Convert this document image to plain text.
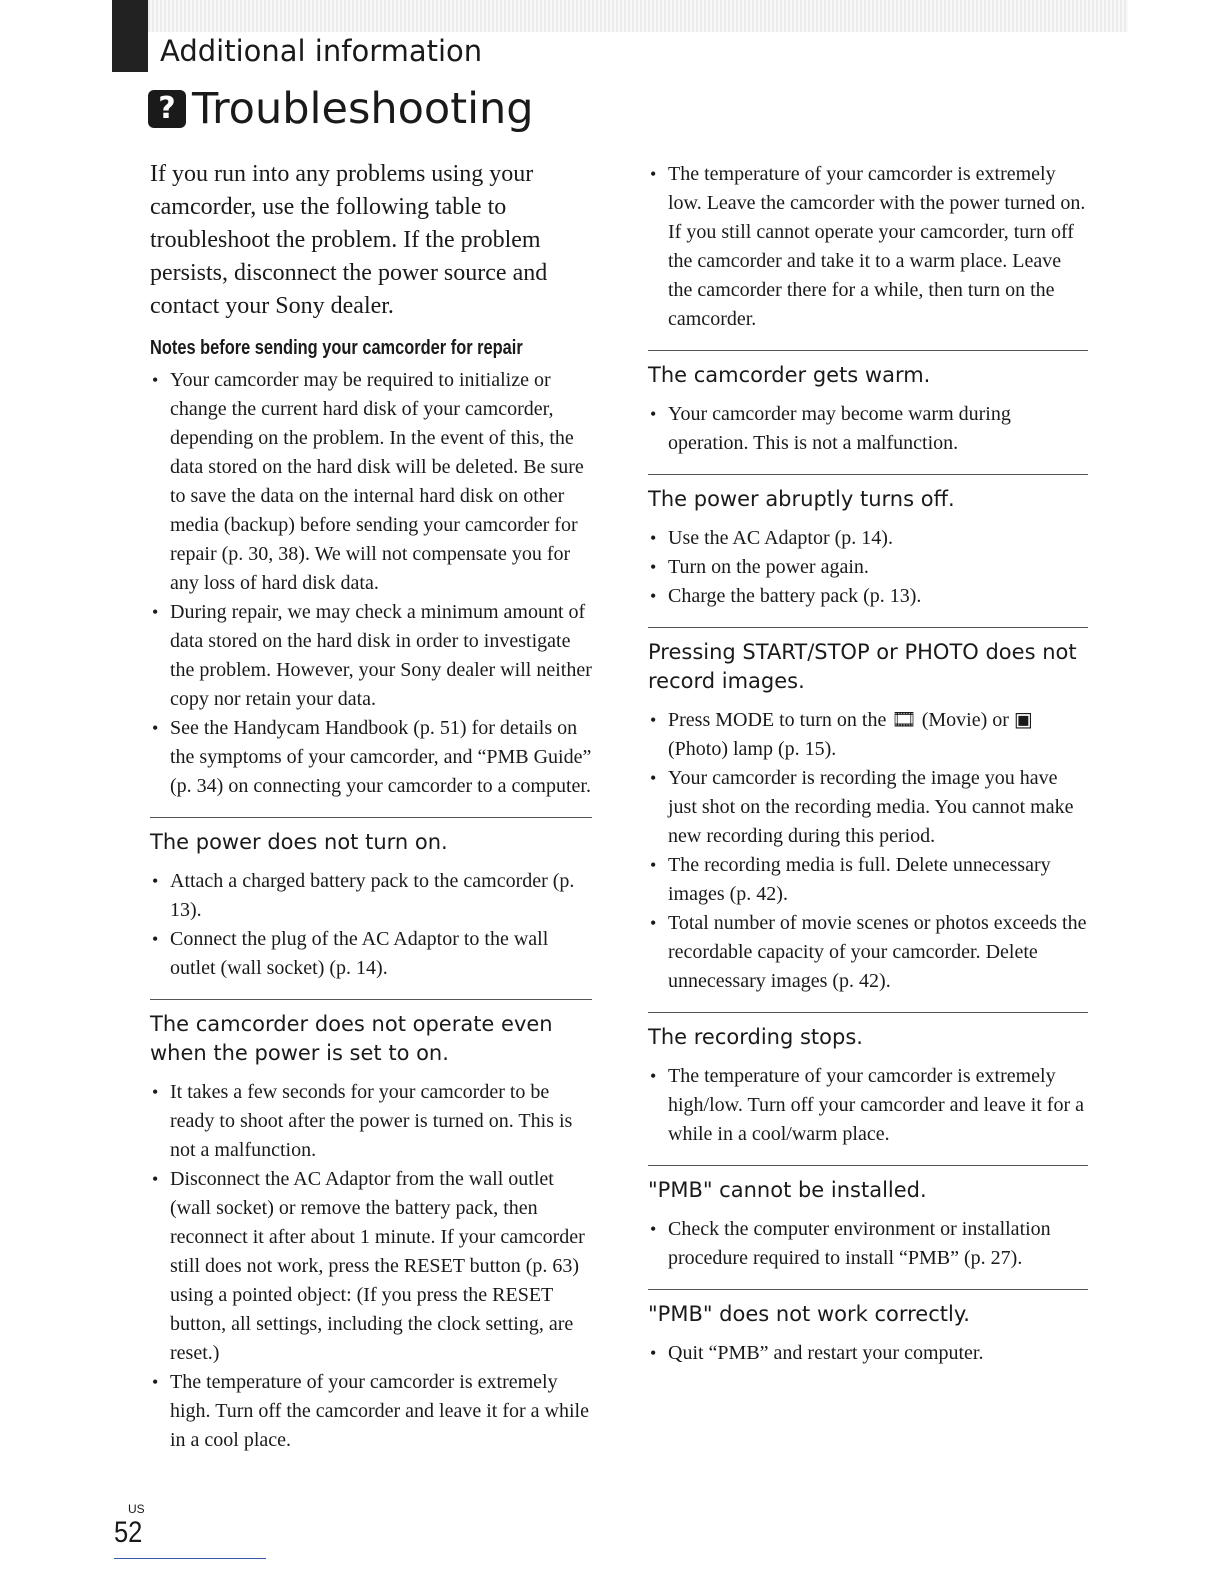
Additional information
? Troubleshooting

If you run into any problems using your camcorder, use the following table to troubleshoot the problem. If the problem persists, disconnect the power source and contact your Sony dealer.

Notes before sending your camcorder for repair
• Your camcorder may be required to initialize or change the current hard disk of your camcorder, depending on the problem. In the event of this, the data stored on the hard disk will be deleted. Be sure to save the data on the internal hard disk on other media (backup) before sending your camcorder for repair (p. 30, 38). We will not compensate you for any loss of hard disk data.
• During repair, we may check a minimum amount of data stored on the hard disk in order to investigate the problem. However, your Sony dealer will neither copy nor retain your data.
• See the Handycam Handbook (p. 51) for details on the symptoms of your camcorder, and “PMB Guide” (p. 34) on connecting your camcorder to a computer.
The power does not turn on.
• Attach a charged battery pack to the camcorder (p. 13).
• Connect the plug of the AC Adaptor to the wall outlet (wall socket) (p. 14).
The camcorder does not operate even when the power is set to on.
• It takes a few seconds for your camcorder to be ready to shoot after the power is turned on. This is not a malfunction.
• Disconnect the AC Adaptor from the wall outlet (wall socket) or remove the battery pack, then reconnect it after about 1 minute. If your camcorder still does not work, press the RESET button (p. 63) using a pointed object: (If you press the RESET button, all settings, including the clock setting, are reset.)
• The temperature of your camcorder is extremely high. Turn off the camcorder and leave it for a while in a cool place.
• The temperature of your camcorder is extremely low. Leave the camcorder with the power turned on. If you still cannot operate your camcorder, turn off the camcorder and take it to a warm place. Leave the camcorder there for a while, then turn on the camcorder.
The camcorder gets warm.
• Your camcorder may become warm during operation. This is not a malfunction.
The power abruptly turns off.
• Use the AC Adaptor (p. 14).
• Turn on the power again.
• Charge the battery pack (p. 13).
Pressing START/STOP or PHOTO does not record images.
• Press MODE to turn on the 🎞 (Movie) or ▣ (Photo) lamp (p. 15).
• Your camcorder is recording the image you have just shot on the recording media. You cannot make new recording during this period.
• The recording media is full. Delete unnecessary images (p. 42).
• Total number of movie scenes or photos exceeds the recordable capacity of your camcorder. Delete unnecessary images (p. 42).
The recording stops.
• The temperature of your camcorder is extremely high/low. Turn off your camcorder and leave it for a while in a cool/warm place.
"PMB" cannot be installed.
• Check the computer environment or installation procedure required to install “PMB” (p. 27).
"PMB" does not work correctly.
• Quit “PMB” and restart your computer.
US
52
